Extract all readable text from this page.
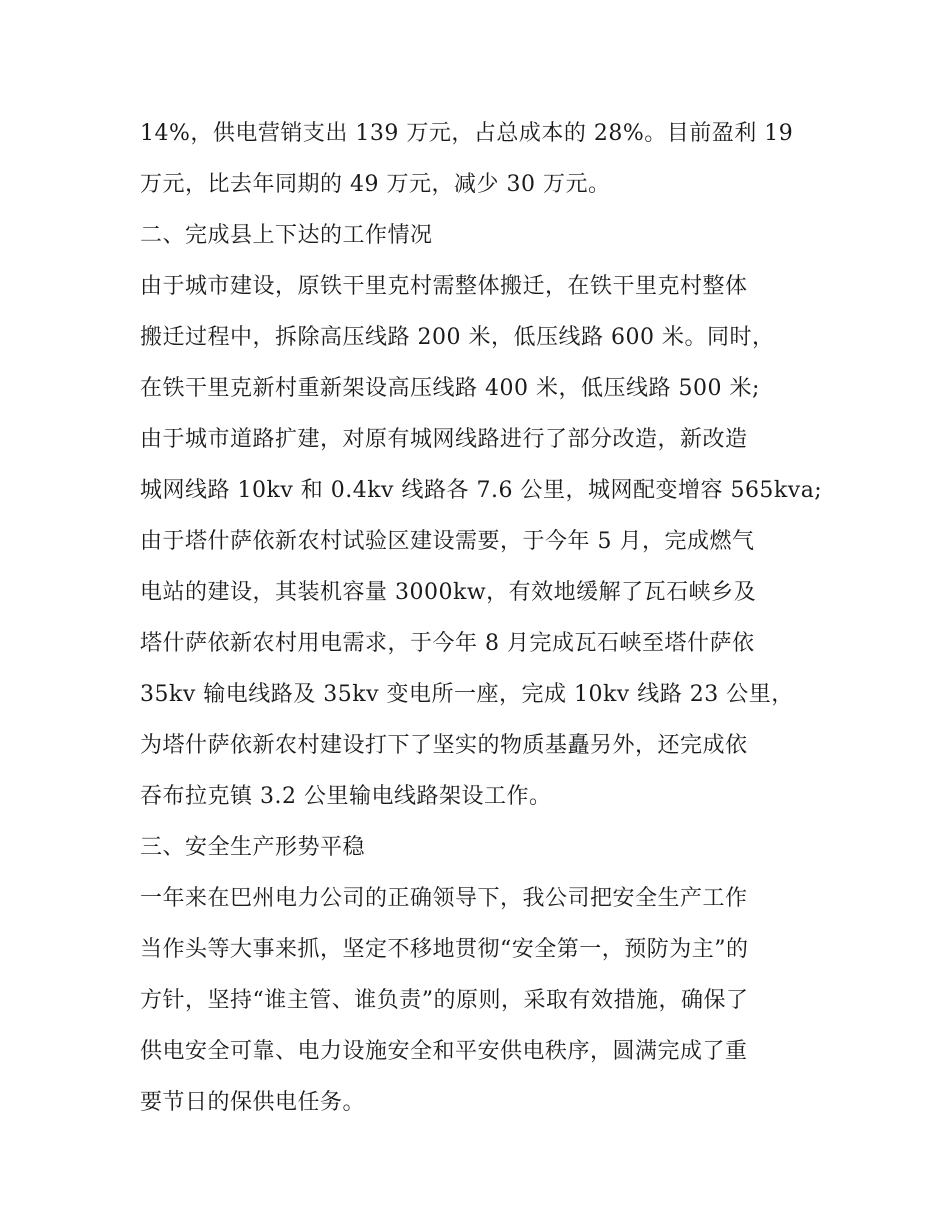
14%，供电营销支出 139 万元，占总成本的 28%。目前盈利 19
万元，比去年同期的 49 万元，减少 30 万元。
二、完成县上下达的工作情况
由于城市建设，原铁干里克村需整体搬迁，在铁干里克村整体
搬迁过程中，拆除高压线路 200 米，低压线路 600 米。同时，
在铁干里克新村重新架设高压线路 400 米，低压线路 500 米;
由于城市道路扩建，对原有城网线路进行了部分改造，新改造
城网线路 10kv 和 0.4kv 线路各 7.6 公里，城网配变增容 565kva;
由于塔什萨依新农村试验区建设需要，于今年 5 月，完成燃气
电站的建设，其装机容量 3000kw，有效地缓解了瓦石峡乡及
塔什萨依新农村用电需求，于今年 8 月完成瓦石峡至塔什萨依
35kv 输电线路及 35kv 变电所一座，完成 10kv 线路 23 公里，
为塔什萨依新农村建设打下了坚实的物质基矗另外，还完成依
吞布拉克镇 3.2 公里输电线路架设工作。
三、安全生产形势平稳
一年来在巴州电力公司的正确领导下，我公司把安全生产工作
当作头等大事来抓，坚定不移地贯彻“安全第一，预防为主”的
方针，坚持“谁主管、谁负责”的原则，采取有效措施，确保了
供电安全可靠、电力设施安全和平安供电秩序，圆满完成了重
要节日的保供电任务。
